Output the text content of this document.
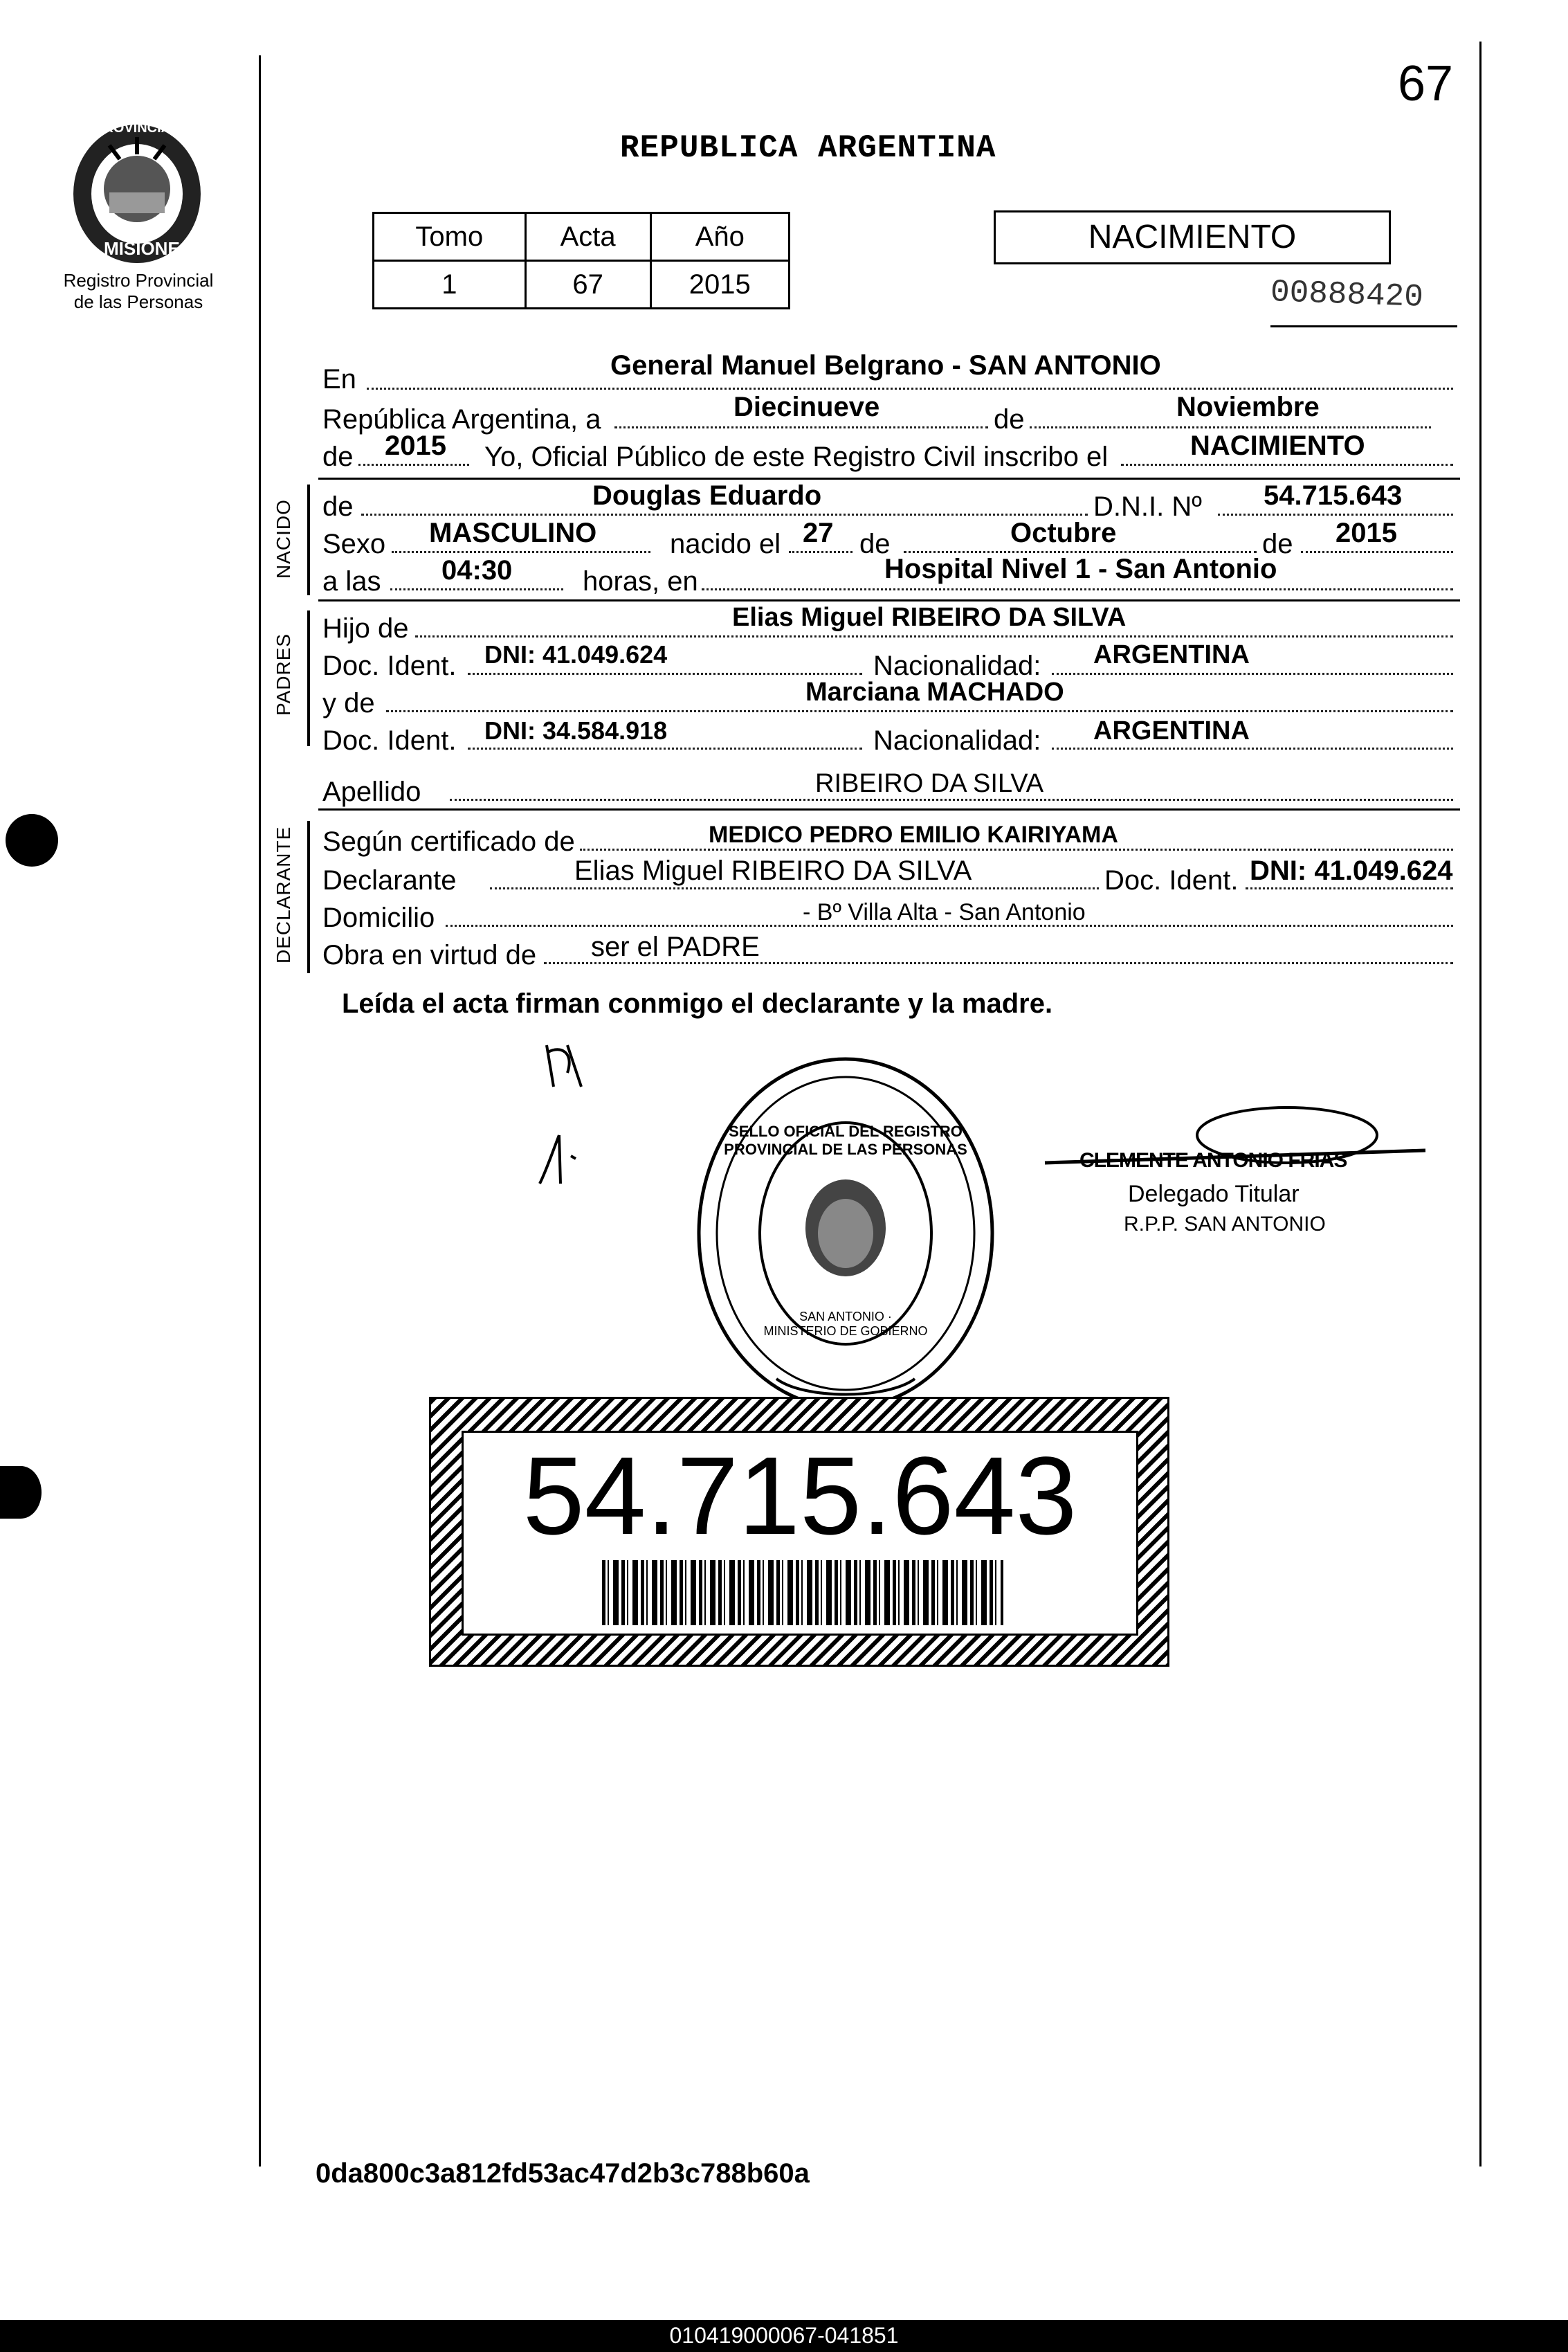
67
PROVINCIA DE
MISIONES
Registro Provincial
de las Personas
REPUBLICA ARGENTINA
Tomo	Acta	Año
1	67	2015
NACIMIENTO
00888420
En	General Manuel Belgrano - SAN ANTONIO
República Argentina, a	Diecinueve	de	Noviembre
de 2015 Yo, Oficial Público de este Registro Civil inscribo el	NACIMIENTO
NACIDO de	Douglas Eduardo	D.N.I. Nº 54.715.643
Sexo MASCULINO	nacido el 27 de	Octubre	de 2015
a las 04:30	horas, en	Hospital Nivel 1 - San Antonio
PADRES
Hijo de	Elias Miguel RIBEIRO DA SILVA
Doc. Ident. DNI: 41.049.624	Nacionalidad: ARGENTINA
y de	Marciana MACHADO
Doc. Ident. DNI: 34.584.918	Nacionalidad: ARGENTINA
Apellido	RIBEIRO DA SILVA
DECLARANTE Según certificado de	MEDICO PEDRO EMILIO KAIRIYAMA
Declarante	Elias Miguel RIBEIRO DA SILVA	Doc. Ident. DNI: 41.049.624
Domicilio	- Bº Villa Alta - San Antonio
Obra en virtud de ser el PADRE
Leída el acta firman conmigo el declarante y la madre.
SELLO OFICIAL DEL REGISTRO PROVINCIAL DE LAS PERSONAS
SAN ANTONIO · MINISTERIO DE GOBIERNO
CLEMENTE ANTONIO FRIAS
Delegado Titular
R.P.P. SAN ANTONIO
54.715.643
0da800c3a812fd53ac47d2b3c788b60a
010419000067-041851
